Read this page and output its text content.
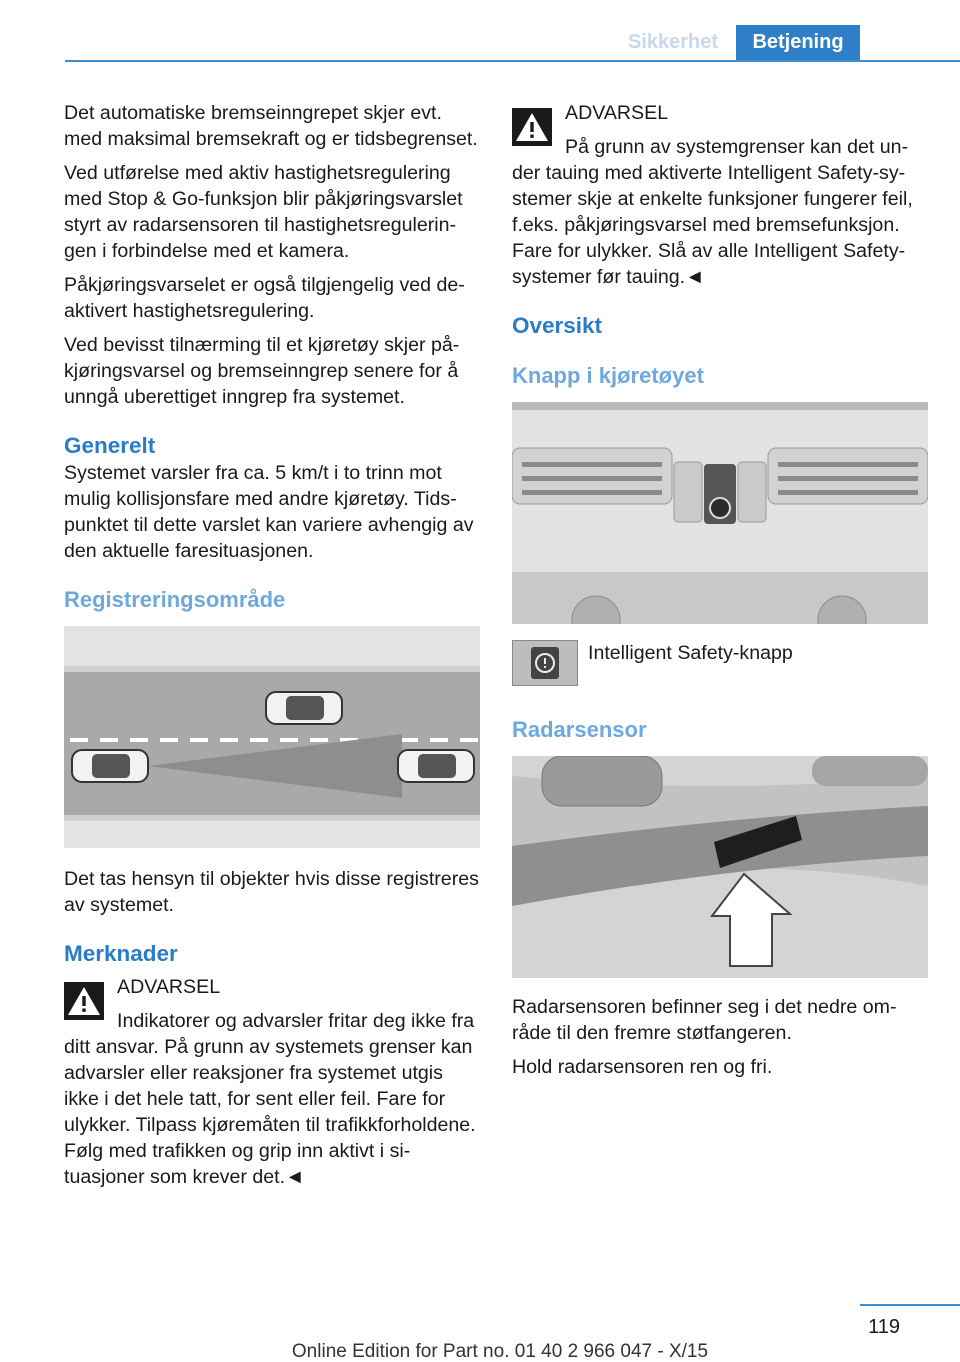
Sikkerhet	Betjening

Det automatiske bremseinngrepet skjer evt. med maksimal bremsekraft og er tidsbegrenset.

Ved utførelse med aktiv hastighetsregulering med Stop & Go-funksjon blir påkjøringsvarslet styrt av radarsensoren til hastighetsreguleringen i forbindelse med et kamera.

Påkjøringsvarselet er også tilgjengelig ved deaktivert hastighetsregulering.

Ved bevisst tilnærming til et kjøretøy skjer påkjøringsvarsel og bremseinngrep senere for å unngå uberettiget inngrep fra systemet.

Generelt

Systemet varsler fra ca. 5 km/t i to trinn mot mulig kollisjonsfare med andre kjøretøy. Tidspunktet til dette varslet kan variere avhengig av den aktuelle faresituasjonen.

Registreringsområde

Det tas hensyn til objekter hvis disse registreres av systemet.

Merknader

ADVARSEL

Indikatorer og advarsler fritar deg ikke fra ditt ansvar. På grunn av systemets grenser kan advarsler eller reaksjoner fra systemet utgis ikke i det hele tatt, for sent eller feil. Fare for ulykker. Tilpass kjøremåten til trafikkforholdene. Følg med trafikken og grip inn aktivt i situasjoner som krever det.◄

ADVARSEL

På grunn av systemgrenser kan det under tauing med aktiverte Intelligent Safety-systemer skje at enkelte funksjoner fungerer feil, f.eks. påkjøringsvarsel med bremsefunksjon. Fare for ulykker. Slå av alle Intelligent Safety-systemer før tauing.◄

Oversikt
Knapp i kjøretøyet
Intelligent Safety-knapp
Radarsensor

Radarsensoren befinner seg i det nedre område til den fremre støtfangeren.

Hold radarsensoren ren og fri.

119
Online Edition for Part no. 01 40 2 966 047 - X/15
